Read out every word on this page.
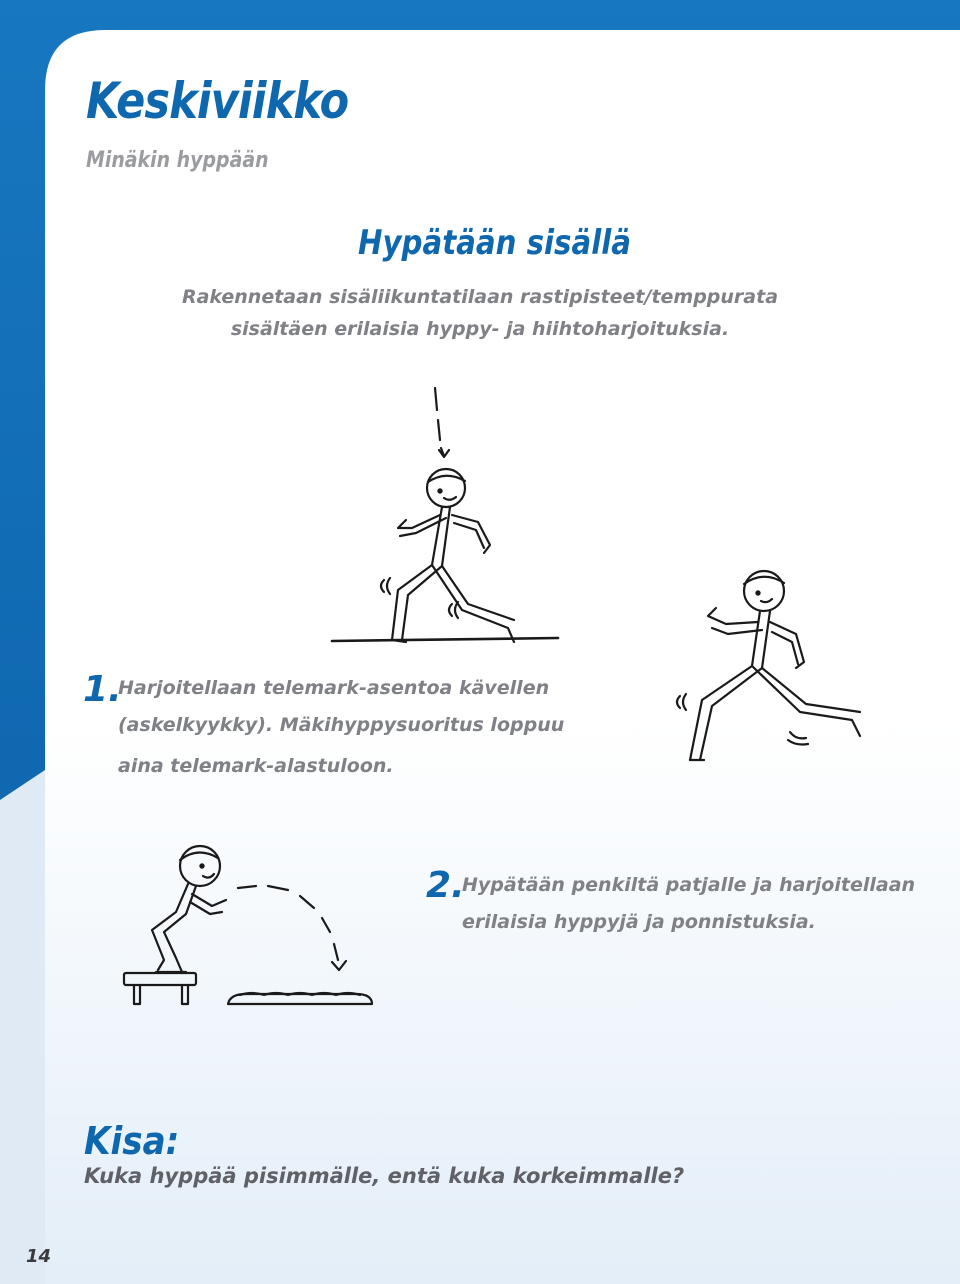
Keskiviikko
Minäkin hyppään
Hypätään sisällä
Rakennetaan sisäliikuntatilaan rastipisteet/temppurata
sisältäen erilaisia hyppy- ja hiihtoharjoituksia.
1.
Harjoitellaan telemark-asentoa kävellen
(askelkyykky). Mäkihyppysuoritus loppuu
aina telemark-alastuloon.
2.
Hypätään penkiltä patjalle ja harjoitellaan
erilaisia hyppyjä ja ponnistuksia.
Kisa:
Kuka hyppää pisimmälle, entä kuka korkeimmalle?
14
